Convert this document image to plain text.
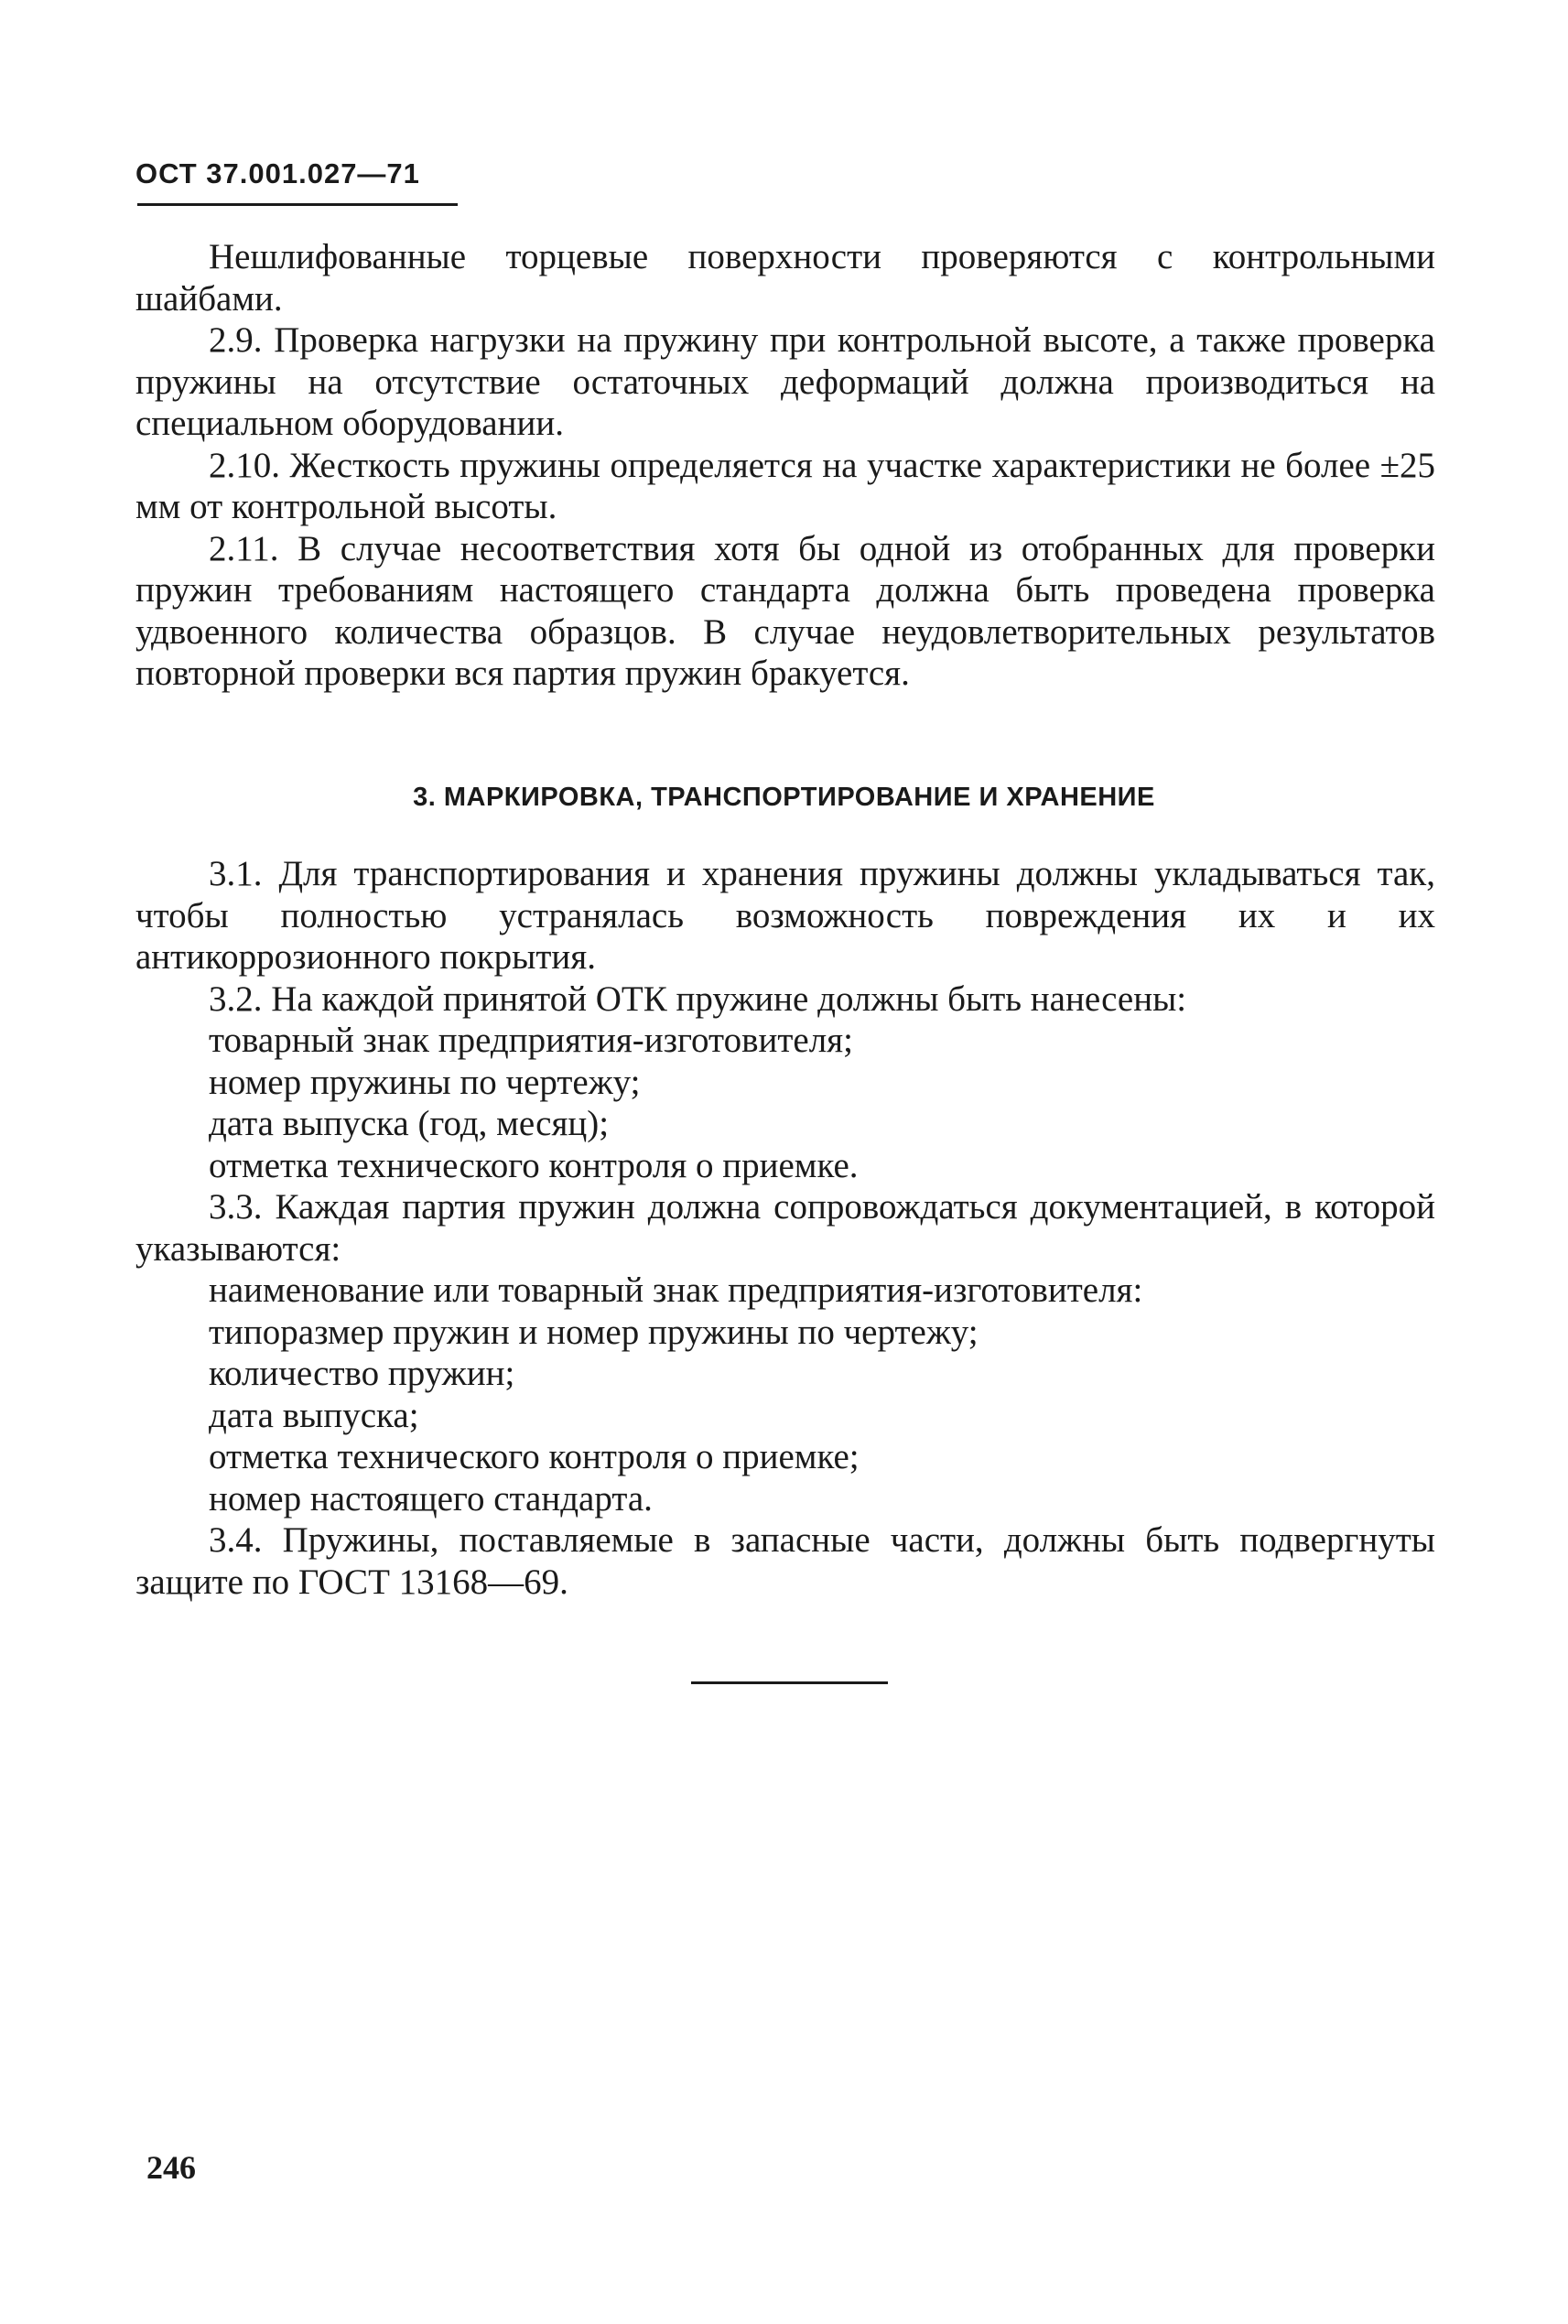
ОСТ 37.001.027—71

Нешлифованные торцевые поверхности проверяются с контрольными шайбами.

2.9. Проверка нагрузки на пружину при контрольной высоте, а также проверка пружины на отсутствие остаточных деформаций должна производиться на специальном оборудовании.

2.10. Жесткость пружины определяется на участке характеристики не более ±25 мм от контрольной высоты.

2.11. В случае несоответствия хотя бы одной из отобранных для проверки пружин требованиям настоящего стандарта должна быть проведена проверка удвоенного количества образцов. В случае неудовлетворительных результатов повторной проверки вся партия пружин бракуется.

3. МАРКИРОВКА, ТРАНСПОРТИРОВАНИЕ И ХРАНЕНИЕ

3.1. Для транспортирования и хранения пружины должны укладываться так, чтобы полностью устранялась возможность повреждения их и их антикоррозионного покрытия.

3.2. На каждой принятой ОТК пружине должны быть нанесены:

товарный знак предприятия-изготовителя;

номер пружины по чертежу;

дата выпуска (год, месяц);

отметка технического контроля о приемке.

3.3. Каждая партия пружин должна сопровождаться документацией, в которой указываются:

наименование или товарный знак предприятия-изготовителя:

типоразмер пружин и номер пружины по чертежу;

количество пружин;

дата выпуска;

отметка технического контроля о приемке;

номер настоящего стандарта.

3.4. Пружины, поставляемые в запасные части, должны быть подвергнуты защите по ГОСТ 13168—69.

246
